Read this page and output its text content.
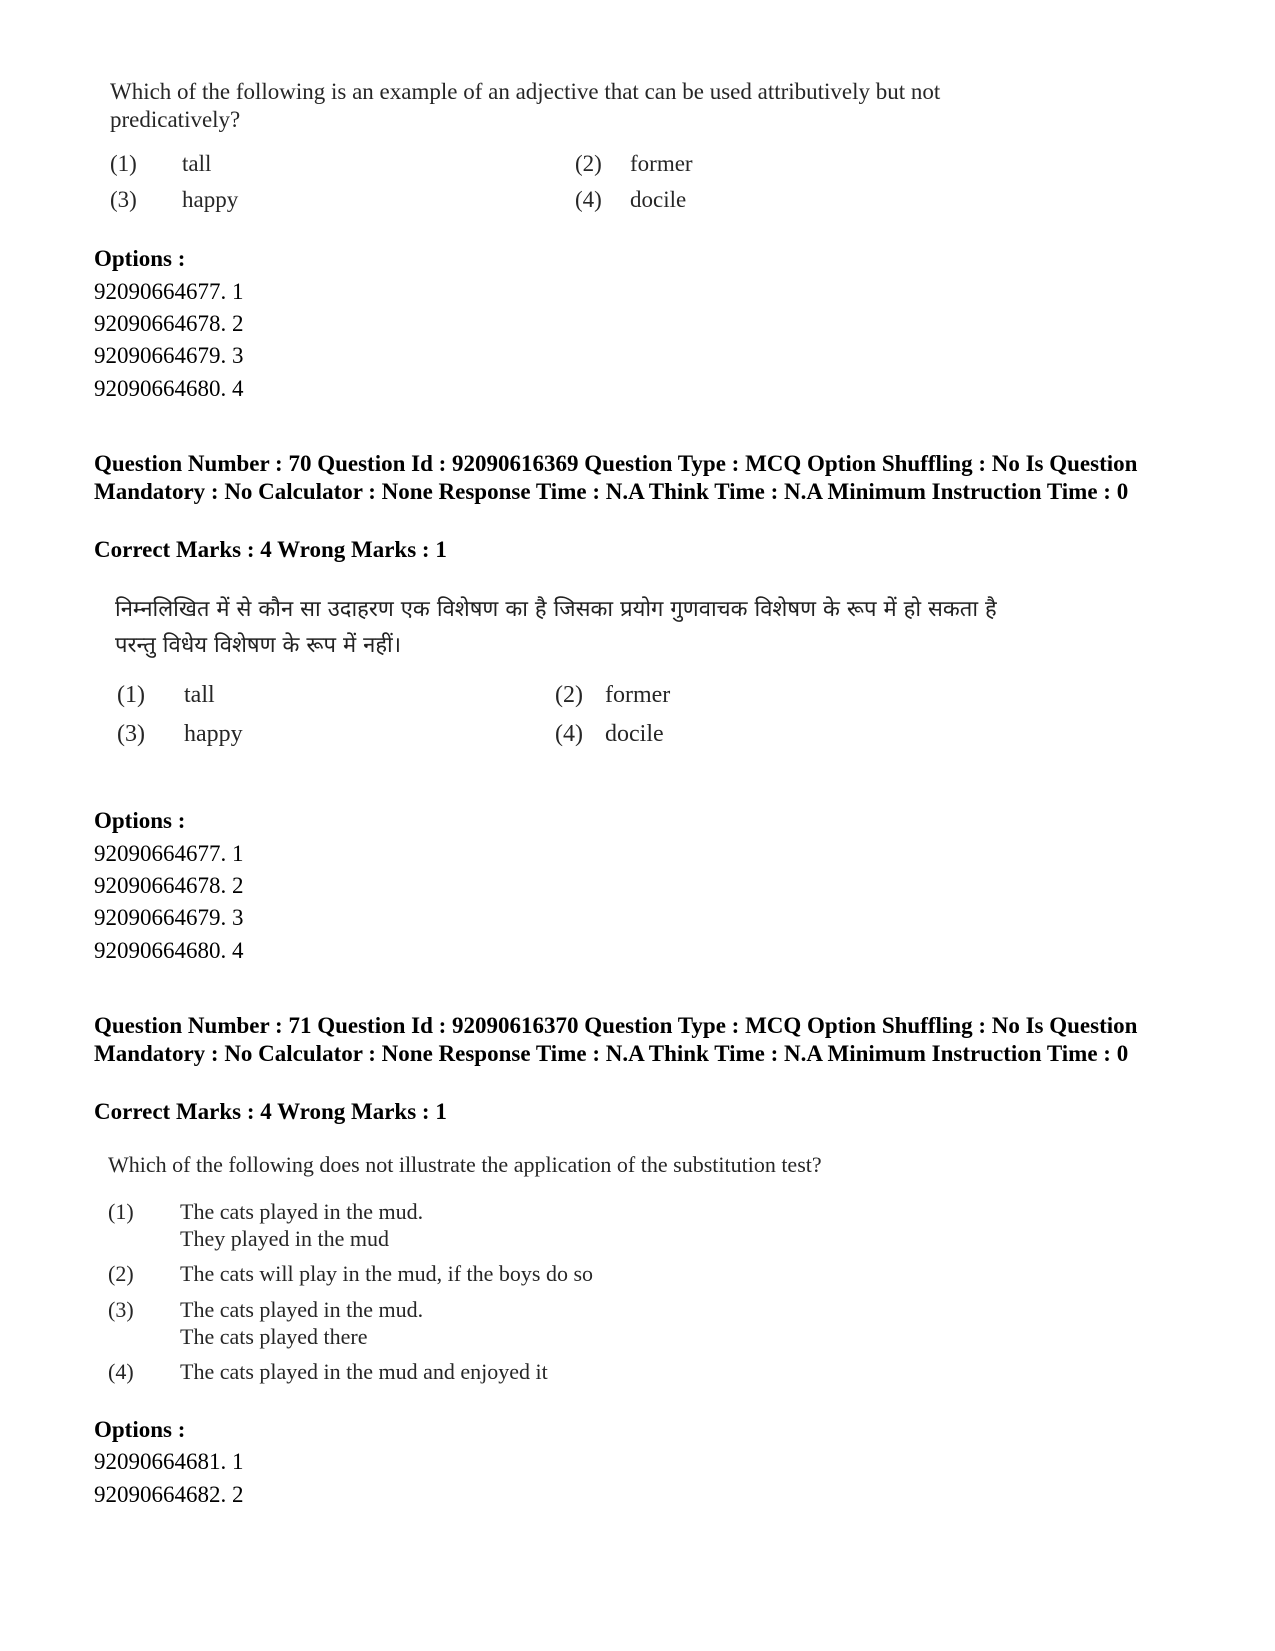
Which of the following is an example of an adjective that can be used attributively but not predicatively?
(1) tall	(2) former
(3) happy	(4) docile
Options :
92090664677. 1
92090664678. 2
92090664679. 3
92090664680. 4
Question Number : 70 Question Id : 92090616369 Question Type : MCQ Option Shuffling : No Is Question Mandatory : No Calculator : None Response Time : N.A Think Time : N.A Minimum Instruction Time : 0
Correct Marks : 4 Wrong Marks : 1
निम्नलिखित में से कौन सा उदाहरण एक विशेषण का है जिसका प्रयोग गुणवाचक विशेषण के रूप में हो सकता है परन्तु विधेय विशेषण के रूप में नहीं।
(1) tall	(2) former
(3) happy	(4) docile
Options :
92090664677. 1
92090664678. 2
92090664679. 3
92090664680. 4
Question Number : 71 Question Id : 92090616370 Question Type : MCQ Option Shuffling : No Is Question Mandatory : No Calculator : None Response Time : N.A Think Time : N.A Minimum Instruction Time : 0
Correct Marks : 4 Wrong Marks : 1
Which of the following does not illustrate the application of the substitution test?
(1) The cats played in the mud.
They played in the mud
(2) The cats will play in the mud, if the boys do so
(3) The cats played in the mud.
The cats played there
(4) The cats played in the mud and enjoyed it
Options :
92090664681. 1
92090664682. 2
